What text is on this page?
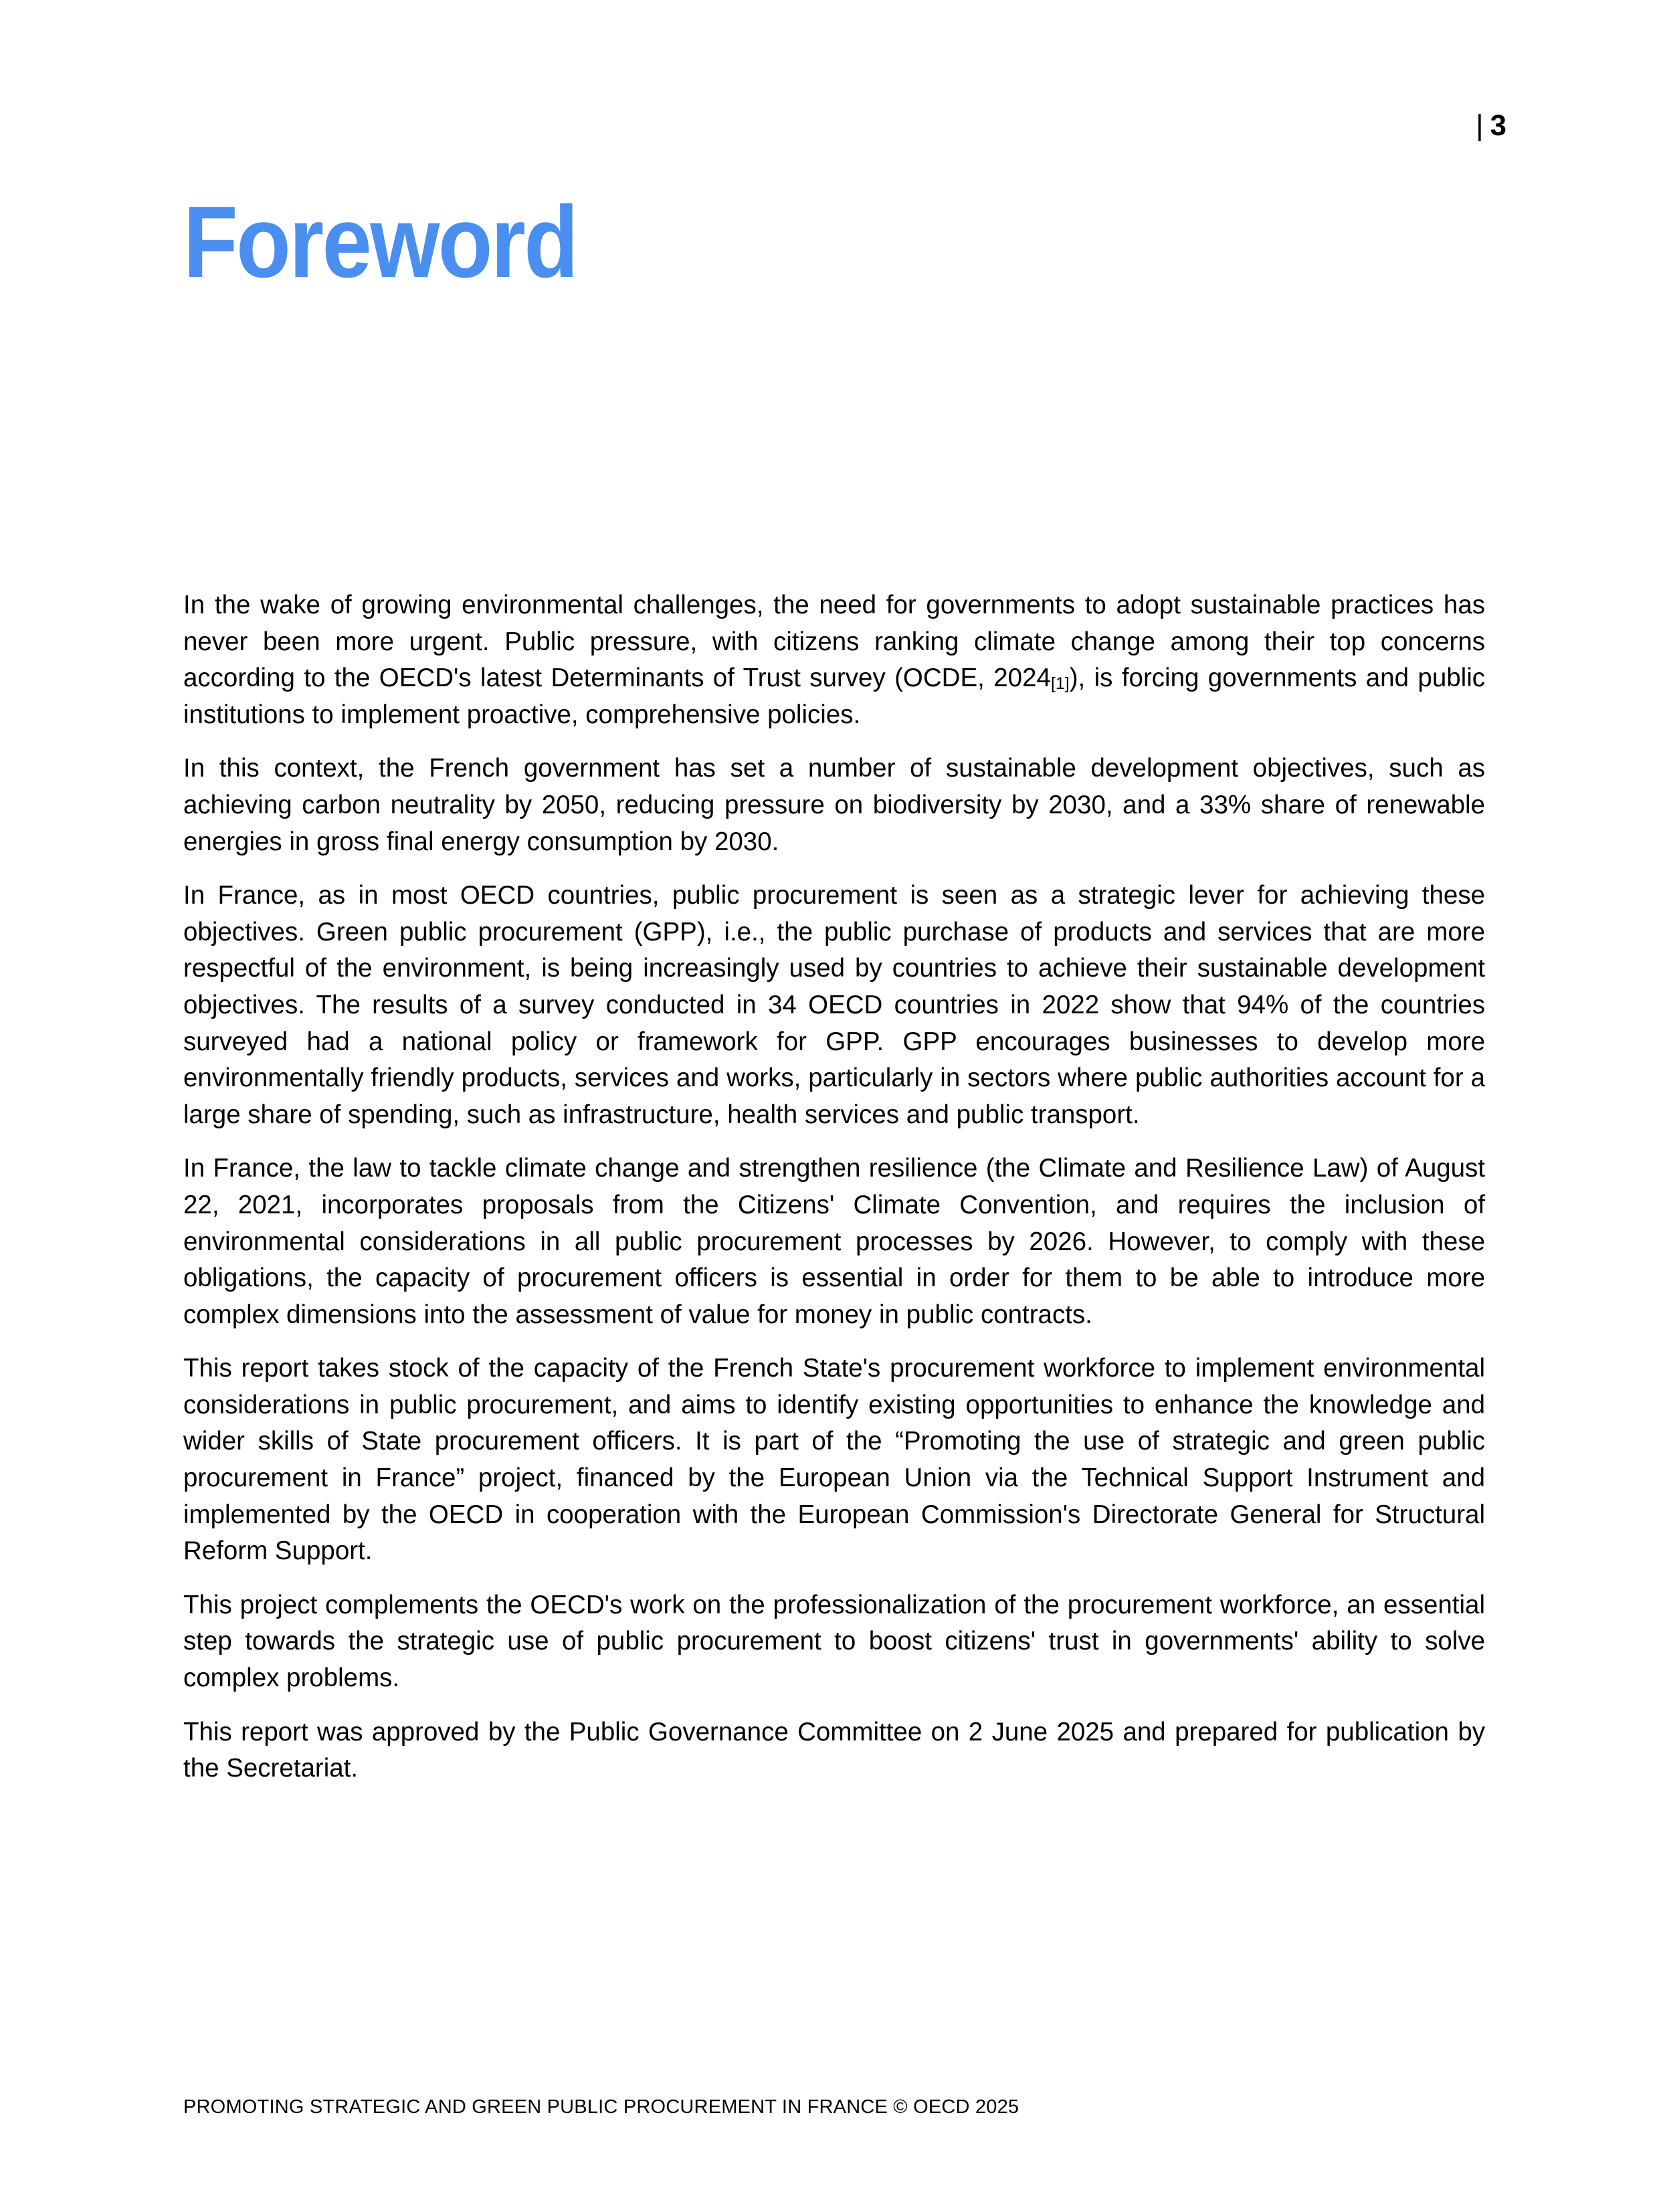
| 3
Foreword

In the wake of growing environmental challenges, the need for governments to adopt sustainable practices has never been more urgent. Public pressure, with citizens ranking climate change among their top concerns according to the OECD's latest Determinants of Trust survey (OCDE, $2024_{[1]}$), is forcing governments and public institutions to implement proactive, comprehensive policies.

In this context, the French government has set a number of sustainable development objectives, such as achieving carbon neutrality by 2050, reducing pressure on biodiversity by 2030, and a 33% share of renewable energies in gross final energy consumption by 2030.

In France, as in most OECD countries, public procurement is seen as a strategic lever for achieving these objectives. Green public procurement (GPP), i.e., the public purchase of products and services that are more respectful of the environment, is being increasingly used by countries to achieve their sustainable development objectives. The results of a survey conducted in 34 OECD countries in 2022 show that 94% of the countries surveyed had a national policy or framework for GPP. GPP encourages businesses to develop more environmentally friendly products, services and works, particularly in sectors where public authorities account for a large share of spending, such as infrastructure, health services and public transport.

In France, the law to tackle climate change and strengthen resilience (the Climate and Resilience Law) of August 22, 2021, incorporates proposals from the Citizens' Climate Convention, and requires the inclusion of environmental considerations in all public procurement processes by 2026. However, to comply with these obligations, the capacity of procurement officers is essential in order for them to be able to introduce more complex dimensions into the assessment of value for money in public contracts.

This report takes stock of the capacity of the French State's procurement workforce to implement environmental considerations in public procurement, and aims to identify existing opportunities to enhance the knowledge and wider skills of State procurement officers. It is part of the “Promoting the use of strategic and green public procurement in France” project, financed by the European Union via the Technical Support Instrument and implemented by the OECD in cooperation with the European Commission's Directorate General for Structural Reform Support.

This project complements the OECD's work on the professionalization of the procurement workforce, an essential step towards the strategic use of public procurement to boost citizens' trust in governments' ability to solve complex problems.

This report was approved by the Public Governance Committee on 2 June 2025 and prepared for publication by the Secretariat.

PROMOTING STRATEGIC AND GREEN PUBLIC PROCUREMENT IN FRANCE © OECD 2025
